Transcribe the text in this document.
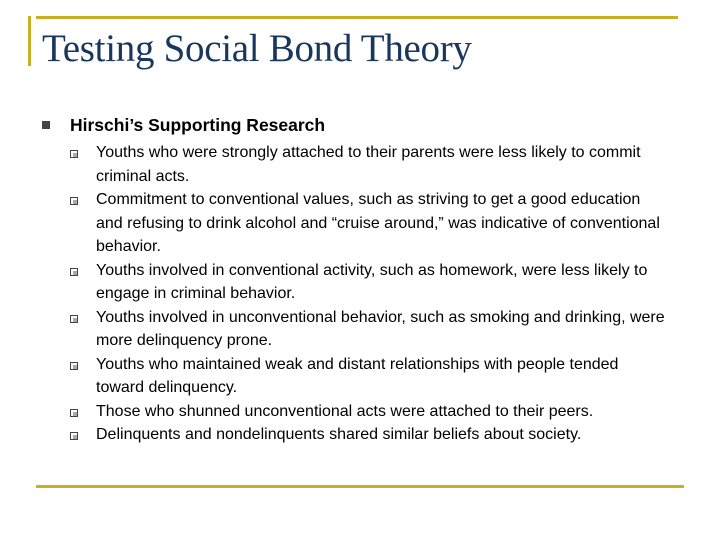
Testing Social Bond Theory
Hirschi’s Supporting Research
Youths who were strongly attached to their parents were less likely to commit criminal acts.
Commitment to conventional values, such as striving to get a good education and refusing to drink alcohol and “cruise around,” was indicative of conventional behavior.
Youths involved in conventional activity, such as homework, were less likely to engage in criminal behavior.
Youths involved in unconventional behavior, such as smoking and drinking, were more delinquency prone.
Youths who maintained weak and distant relationships with people tended toward delinquency.
Those who shunned unconventional acts were attached to their peers.
Delinquents and nondelinquents shared similar beliefs about society.
